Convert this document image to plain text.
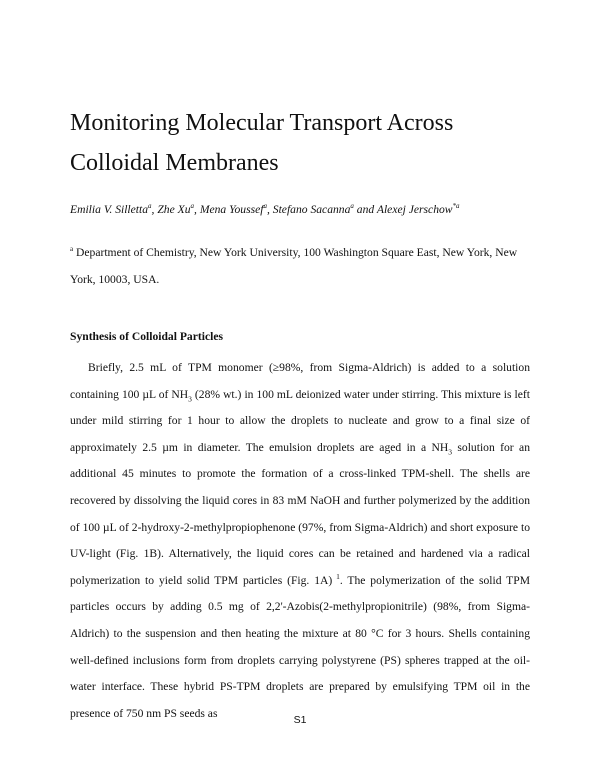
Monitoring Molecular Transport Across Colloidal Membranes
Emilia V. Silletta$^a$, Zhe Xu$^a$, Mena Youssef$^a$, Stefano Sacanna$^a$ and Alexej Jerschow$^{*a}$
$^a$ Department of Chemistry, New York University, 100 Washington Square East, New York, New York, 10003, USA.
Synthesis of Colloidal Particles

Briefly, 2.5 mL of TPM monomer (≥98%, from Sigma-Aldrich) is added to a solution containing 100 µL of $NH_3$ (28% wt.) in 100 mL deionized water under stirring. This mixture is left under mild stirring for 1 hour to allow the droplets to nucleate and grow to a final size of approximately 2.5 µm in diameter. The emulsion droplets are aged in a $NH_3$ solution for an additional 45 minutes to promote the formation of a cross-linked TPM-shell. The shells are recovered by dissolving the liquid cores in 83 mM NaOH and further polymerized by the addition of 100 µL of 2-hydroxy-2-methylpropiophenone (97%, from Sigma-Aldrich) and short exposure to UV-light (Fig. 1B). Alternatively, the liquid cores can be retained and hardened via a radical polymerization to yield solid TPM particles (Fig. 1A) $^1$. The polymerization of the solid TPM particles occurs by adding 0.5 mg of 2,2'-Azobis(2-methylpropionitrile) (98%, from Sigma-Aldrich) to the suspension and then heating the mixture at 80 °C for 3 hours. Shells containing well-defined inclusions form from droplets carrying polystyrene (PS) spheres trapped at the oil-water interface. These hybrid PS-TPM droplets are prepared by emulsifying TPM oil in the presence of 750 nm PS seeds as

S1
